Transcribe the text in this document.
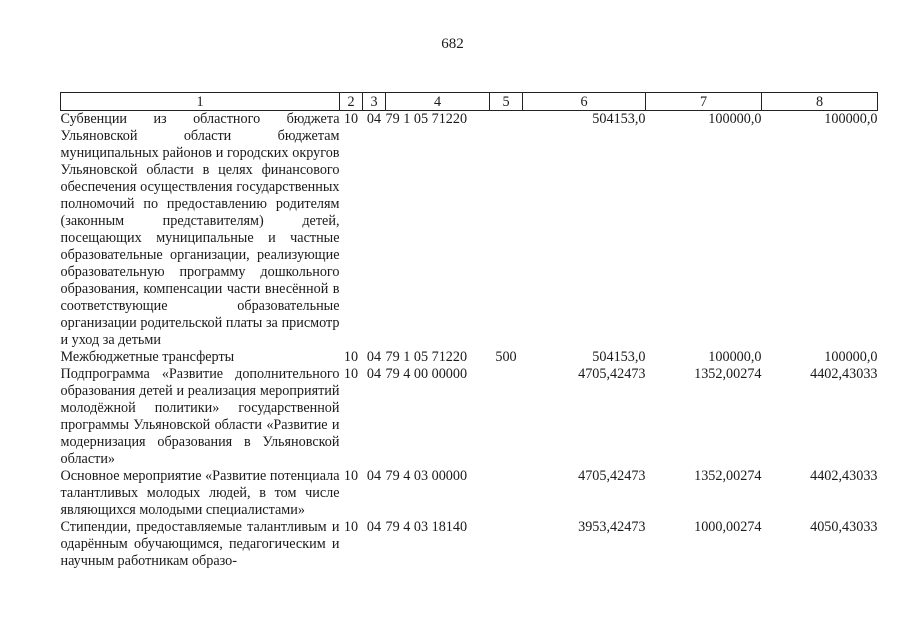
682
1	2	3	4	5	6	7	8
Субвенции из областного бюджета Ульяновской области бюджетам муниципальных районов и городских округов Ульяновской области в целях финансового обеспечения осуществления государственных полномочий по предоставлению родителям (законным представителям) детей, посещающих муниципальные и частные образовательные организации, реализующие образовательную программу дошкольного образования, компенсации части внесённой в соответствующие образовательные организации родительской платы за присмотр и уход за детьми	10	04	79 1 05 71220		504153,0	100000,0	100000,0
Межбюджетные трансферты	10	04	79 1 05 71220	500	504153,0	100000,0	100000,0
Подпрограмма «Развитие дополнительного образования детей и реализация мероприятий молодёжной политики» государственной программы Ульяновской области «Развитие и модернизация образования в Ульяновской области»	10	04	79 4 00 00000		4705,42473	1352,00274	4402,43033
Основное мероприятие «Развитие потенциала талантливых молодых людей, в том числе являющихся молодыми специалистами»	10	04	79 4 03 00000		4705,42473	1352,00274	4402,43033
Стипендии, предоставляемые талантливым и одарённым обучающимся, педагогическим и научным работникам образо-	10	04	79 4 03 18140		3953,42473	1000,00274	4050,43033
